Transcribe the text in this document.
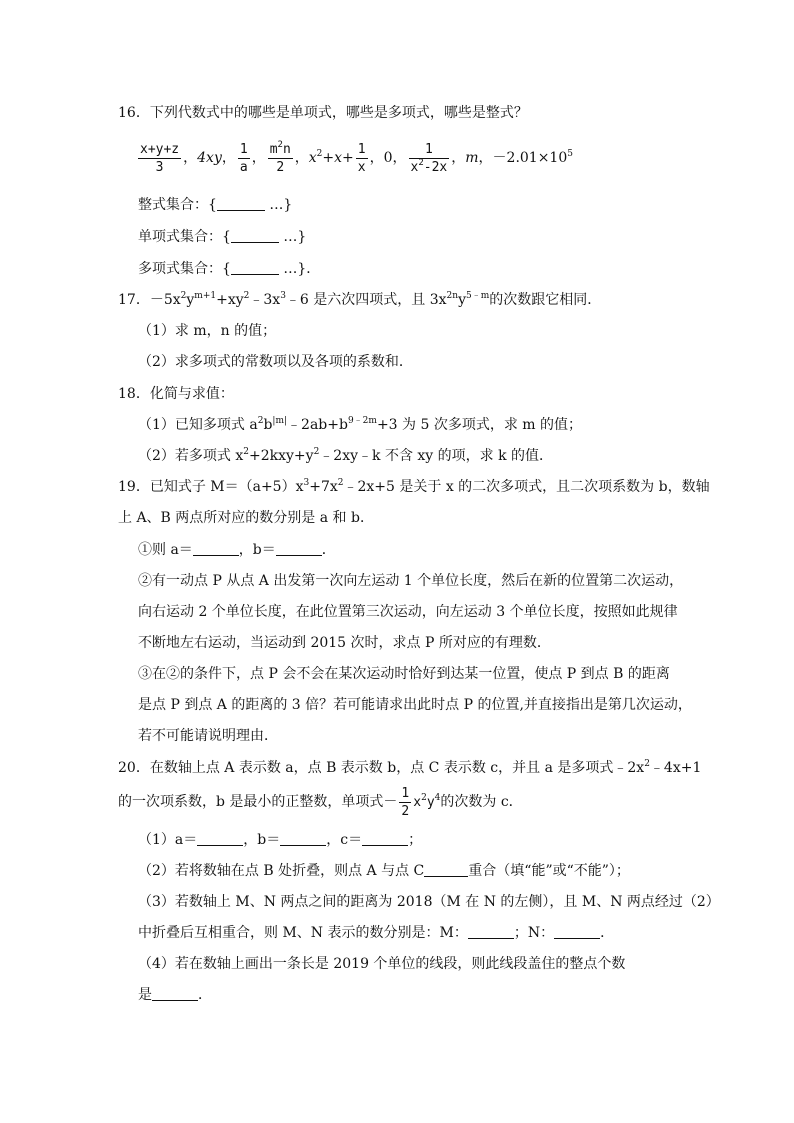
16．下列代数式中的哪些是单项式，哪些是多项式，哪些是整式？
$\frac{x+y+z}{3}$ ，4xy， $\frac{1}{a}$ ， $\frac{m^2n}{2}$ ，$x^2+x+ \frac{1}{x}$ ，0， $\frac{1}{x^2-2x}$ ，m，$-2.01\times 10^5$
整式集合：{	…}
单项式集合：{	…}
多项式集合：{	…}．
17．$-5x^2y^{m+1}+xy^2﹣3x^3﹣6$ 是六次四项式，且 $3x^{2n}y^{5﹣m}$的次数跟它相同．
（1）求 m，n 的值；
（2）求多项式的常数项以及各项的系数和．
18．化简与求值：
（1）已知多项式 $a^2b^{|m|}﹣2ab+b^{9﹣2m}+3$ 为 5 次多项式，求 m 的值；
（2）若多项式 $x^2+2kxy+y^2﹣2xy﹣k$ 不含 xy 的项，求 k 的值．
19．已知式子 $M=(a+5)x^3+7x^2﹣2x+5$ 是关于 x 的二次多项式，且二次项系数为 b，数轴
上 A、B 两点所对应的数分别是 a 和 b．
①则 a＝	，b＝	．
②有一动点 P 从点 A 出发第一次向左运动 1 个单位长度，然后在新的位置第二次运动，
向右运动 2 个单位长度，在此位置第三次运动，向左运动 3 个单位长度，按照如此规律
不断地左右运动，当运动到 2015 次时，求点 P 所对应的有理数．
③在②的条件下，点 P 会不会在某次运动时恰好到达某一位置，使点 P 到点 B 的距离
是点 P 到点 A 的距离的 3 倍？若可能请求出此时点 P 的位置,并直接指出是第几次运动，
若不可能请说明理由．
20．在数轴上点 A 表示数 a，点 B 表示数 b，点 C 表示数 c，并且 a 是多项式$﹣2x^2﹣4x+1$
的一次项系数，b 是最小的正整数，单项式－ $\frac{1}{2} x^2y^4$的次数为 c．
（1）a＝	，b＝	，c＝	；
（2）若将数轴在点 B 处折叠，则点 A 与点 C	重合（填“能”或“不能”）；
（3）若数轴上 M、N 两点之间的距离为 2018（M 在 N 的左侧），且 M、N 两点经过（2）
中折叠后互相重合，则 M、N 表示的数分别是：M：	；N：	．
（4）若在数轴上画出一条长是 2019 个单位的线段，则此线段盖住的整点个数
是	．
